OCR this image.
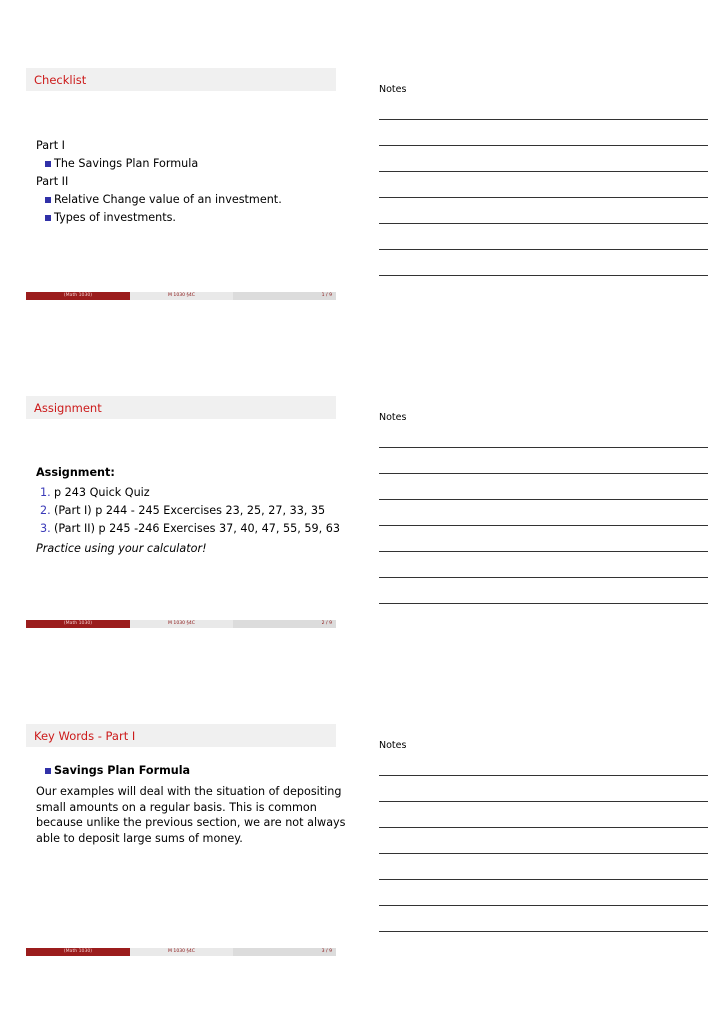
Checklist
Part I
The Savings Plan Formula
Part II
Relative Change value of an investment.
Types of investments.
(Math 1030)	M 1030 §4C	1 / 9
Notes
Assignment
Assignment:
1. p 243 Quick Quiz
2. (Part I) p 244 - 245 Excercises 23, 25, 27, 33, 35
3. (Part II) p 245 -246 Exercises 37, 40, 47, 55, 59, 63
Practice using your calculator!
(Math 1030)	M 1030 §4C	2 / 9
Notes
Key Words - Part I
Savings Plan Formula
Our examples will deal with the situation of depositing
small amounts on a regular basis. This is common
because unlike the previous section, we are not always
able to deposit large sums of money.
(Math 1030)	M 1030 §4C	3 / 9
Notes
